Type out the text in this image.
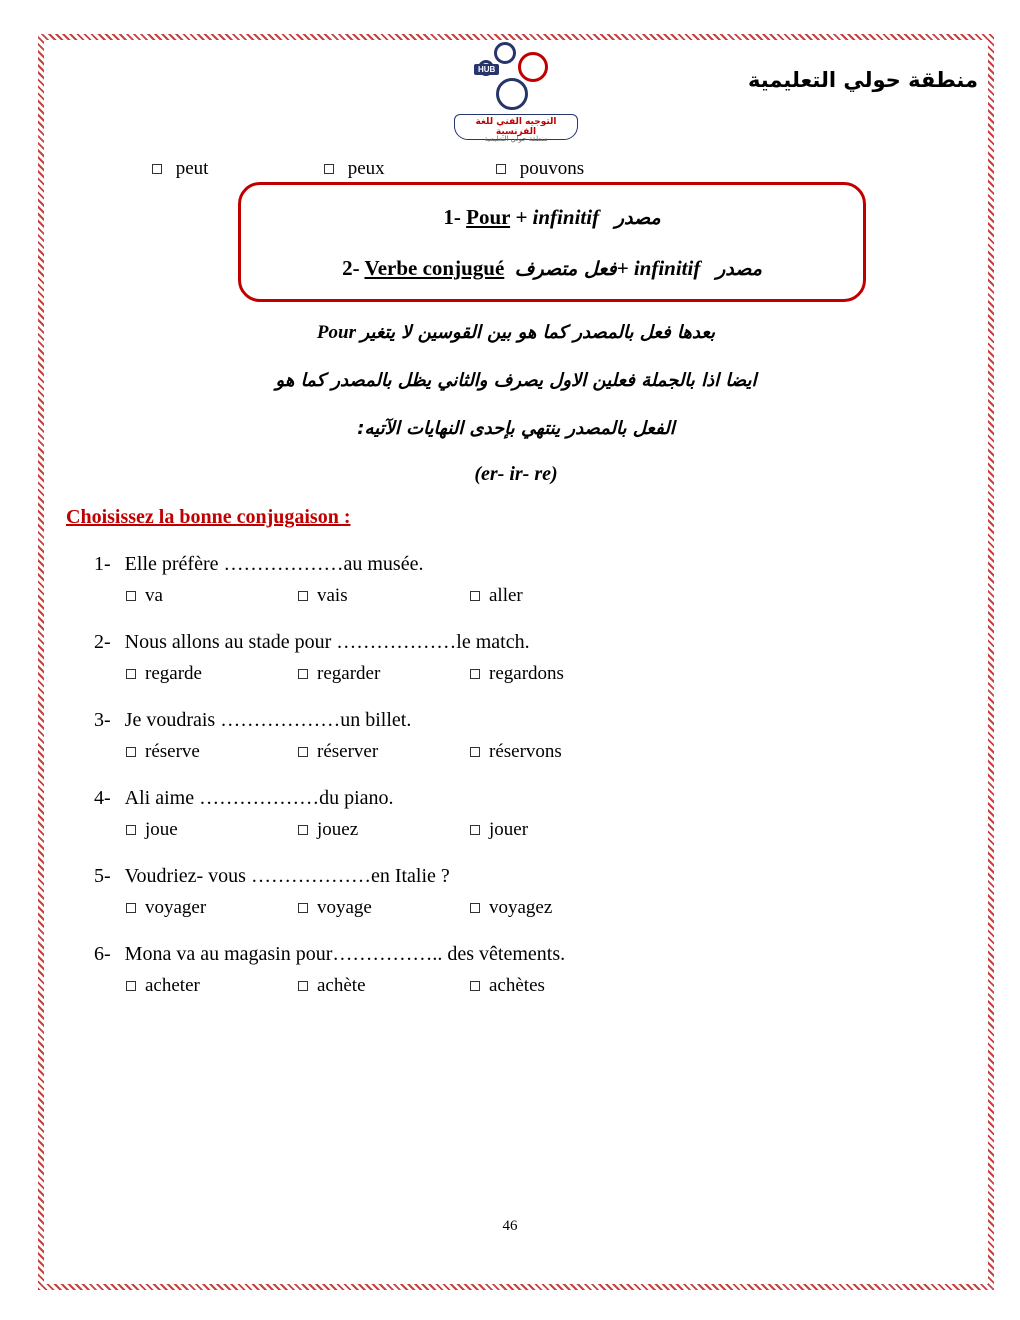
HUB
التوجيه الفني للغة الفرنسية
منطقة حولي التعليمية
منطقة حولي التعليمية
peut	peux	pouvons
1- Pour + infinitif مصدر
2- Verbe conjugué فعل متصرف+ infinitif مصدر
Pour بعدها فعل بالمصدر كما هو بين القوسين لا يتغير
ايضا اذا بالجملة فعلين الاول يصرف والثاني يظل بالمصدر كما هو
الفعل بالمصدر ينتهي بإحدى النهايات الآتيه:
(er- ir- re)
Choisissez la bonne conjugaison :
1- Elle préfère ………………au musée.
va	vais	aller
2- Nous allons au stade pour ………………le match.
regarde	regarder	regardons
3- Je voudrais ………………un billet.
réserve	réserver	réservons
4- Ali aime ………………du piano.
joue	jouez	jouer
5- Voudriez- vous ………………en Italie ?
voyager	voyage	voyagez
6- Mona va au magasin pour…………….. des vêtements.
acheter	achète	achètes
46
